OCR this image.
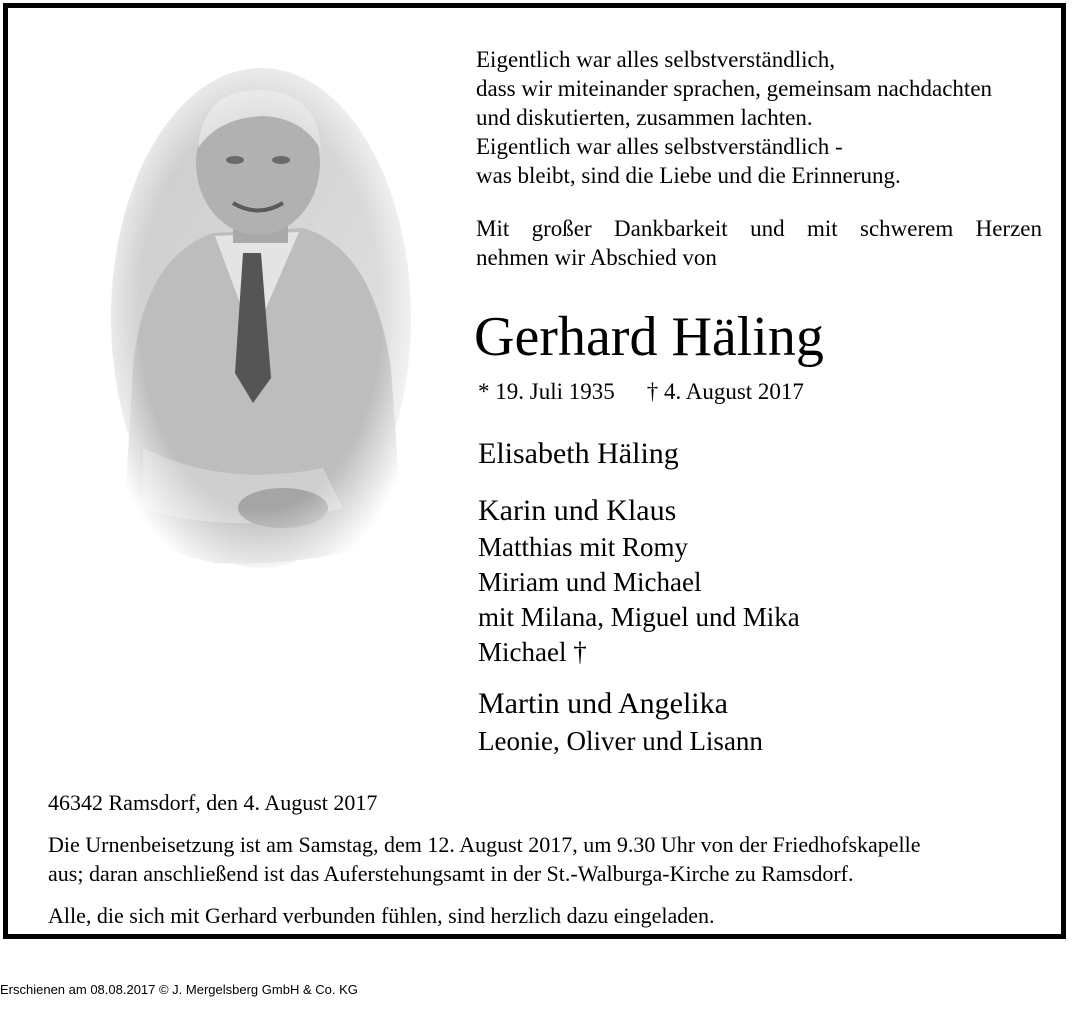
Eigentlich war alles selbstverständlich,
dass wir miteinander sprachen, gemeinsam nachdachten
und diskutierten, zusammen lachten.
Eigentlich war alles selbstverständlich -
was bleibt, sind die Liebe und die Erinnerung.
Mit großer Dankbarkeit und mit schwerem Herzen
nehmen wir Abschied von
Gerhard Häling
* 19. Juli 1935 † 4. August 2017
Elisabeth Häling
Karin und Klaus
Matthias mit Romy
Miriam und Michael
mit Milana, Miguel und Mika
Michael †
Martin und Angelika
Leonie, Oliver und Lisann
46342 Ramsdorf, den 4. August 2017
Die Urnenbeisetzung ist am Samstag, dem 12. August 2017, um 9.30 Uhr von der Friedhofskapelle
aus; daran anschließend ist das Auferstehungsamt in der St.-Walburga-Kirche zu Ramsdorf.
Alle, die sich mit Gerhard verbunden fühlen, sind herzlich dazu eingeladen.
Erschienen am 08.08.2017 © J. Mergelsberg GmbH & Co. KG
